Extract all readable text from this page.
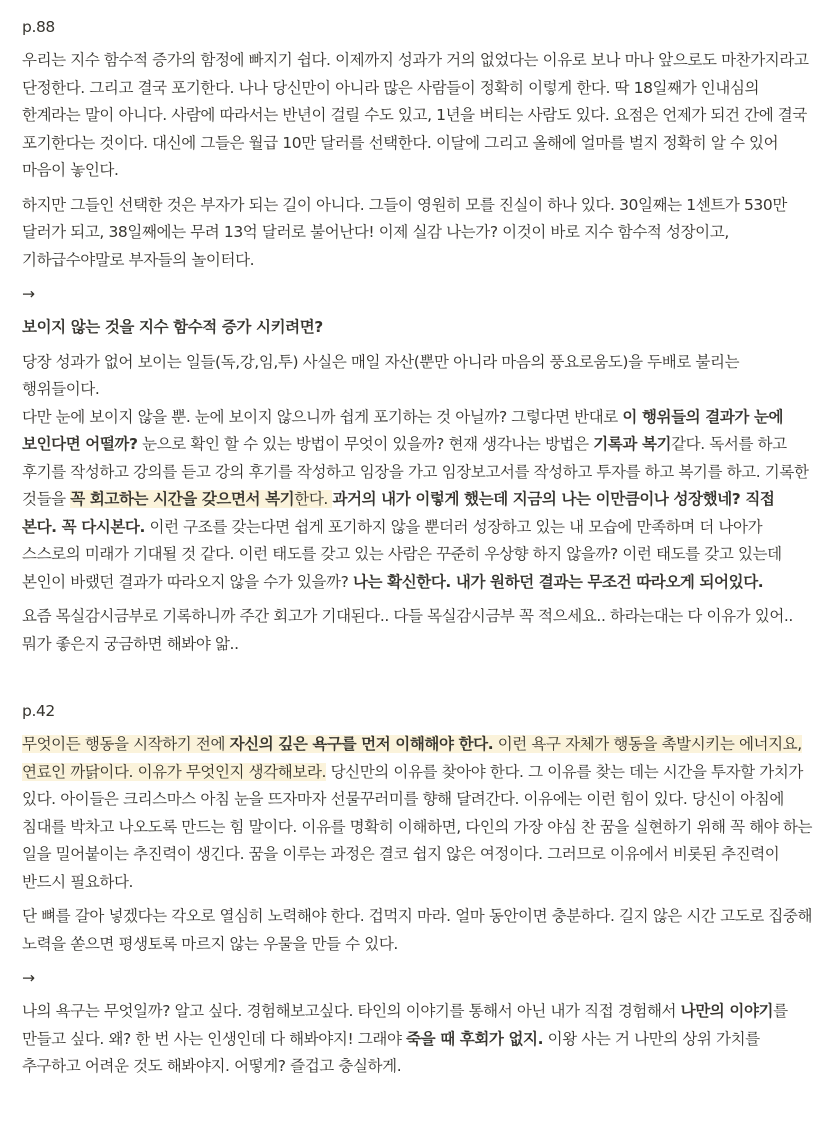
p.88

우리는 지수 함수적 증가의 함정에 빠지기 쉽다. 이제까지 성과가 거의 없었다는 이유로 보나 마나 앞으로도 마찬가지라고 단정한다. 그리고 결국 포기한다. 나나 당신만이 아니라 많은 사람들이 정확히 이렇게 한다. 딱 18일째가 인내심의 한계라는 말이 아니다. 사람에 따라서는 반년이 걸릴 수도 있고, 1년을 버티는 사람도 있다. 요점은 언제가 되건 간에 결국 포기한다는 것이다. 대신에 그들은 월급 10만 달러를 선택한다. 이달에 그리고 올해에 얼마를 벌지 정확히 알 수 있어 마음이 놓인다.

하지만 그들인 선택한 것은 부자가 되는 길이 아니다. 그들이 영원히 모를 진실이 하나 있다. 30일째는 1센트가 530만 달러가 되고, 38일째에는 무려 13억 달러로 불어난다! 이제 실감 나는가? 이것이 바로 지수 함수적 성장이고, 기하급수야말로 부자들의 놀이터다.

→

보이지 않는 것을 지수 함수적 증가 시키려면?

당장 성과가 없어 보이는 일들(독,강,임,투) 사실은 매일 자산(뿐만 아니라 마음의 풍요로움도)을 두배로 불리는 행위들이다.

다만 눈에 보이지 않을 뿐. 눈에 보이지 않으니까 쉽게 포기하는 것 아닐까? 그렇다면 반대로 이 행위들의 결과가 눈에 보인다면 어떨까? 눈으로 확인 할 수 있는 방법이 무엇이 있을까? 현재 생각나는 방법은 기록과 복기같다. 독서를 하고 후기를 작성하고 강의를 듣고 강의 후기를 작성하고 임장을 가고 임장보고서를 작성하고 투자를 하고 복기를 하고. 기록한 것들을 꼭 회고하는 시간을 갖으면서 복기한다. 과거의 내가 이렇게 했는데 지금의 나는 이만큼이나 성장했네? 직접 본다. 꼭 다시본다. 이런 구조를 갖는다면 쉽게 포기하지 않을 뿐더러 성장하고 있는 내 모습에 만족하며 더 나아가 스스로의 미래가 기대될 것 같다. 이런 태도를 갖고 있는 사람은 꾸준히 우상향 하지 않을까? 이런 태도를 갖고 있는데 본인이 바랬던 결과가 따라오지 않을 수가 있을까? 나는 확신한다. 내가 원하던 결과는 무조건 따라오게 되어있다.

요즘 목실감시금부로 기록하니까 주간 회고가 기대된다.. 다들 목실감시금부 꼭 적으세요.. 하라는대는 다 이유가 있어.. 뭐가 좋은지 궁금하면 해봐야 앎..

p.42

무엇이든 행동을 시작하기 전에 자신의 깊은 욕구를 먼저 이해해야 한다. 이런 욕구 자체가 행동을 촉발시키는 에너지요, 연료인 까닭이다. 이유가 무엇인지 생각해보라. 당신만의 이유를 찾아야 한다. 그 이유를 찾는 데는 시간을 투자할 가치가 있다. 아이들은 크리스마스 아침 눈을 뜨자마자 선물꾸러미를 향해 달려간다. 이유에는 이런 힘이 있다. 당신이 아침에 침대를 박차고 나오도록 만드는 힘 말이다. 이유를 명확히 이해하면, 다인의 가장 야심 찬 꿈을 실현하기 위해 꼭 해야 하는 일을 밀어붙이는 추진력이 생긴다. 꿈을 이루는 과정은 결코 쉽지 않은 여정이다. 그러므로 이유에서 비롯된 추진력이 반드시 필요하다.

단 뼈를 갈아 넣겠다는 각오로 열심히 노력해야 한다. 겁먹지 마라. 얼마 동안이면 충분하다. 길지 않은 시간 고도로 집중해 노력을 쏟으면 평생토록 마르지 않는 우물을 만들 수 있다.

→

나의 욕구는 무엇일까? 알고 싶다. 경험해보고싶다. 타인의 이야기를 통해서 아닌 내가 직접 경험해서 나만의 이야기를 만들고 싶다. 왜? 한 번 사는 인생인데 다 해봐야지! 그래야 죽을 때 후회가 없지. 이왕 사는 거 나만의 상위 가치를 추구하고 어려운 것도 해봐야지. 어떻게? 즐겁고 충실하게.
